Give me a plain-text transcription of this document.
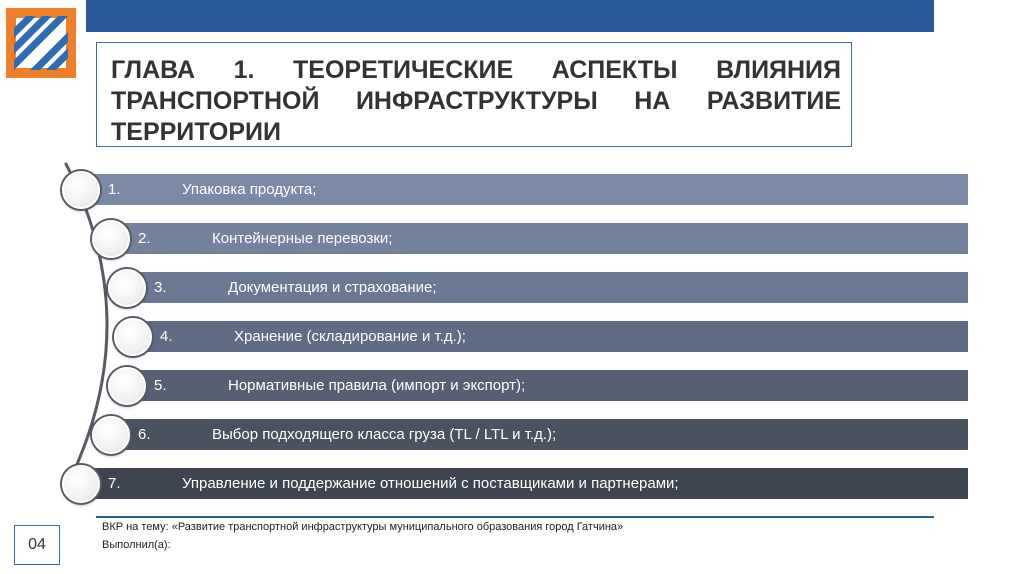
ГЛАВА 1. ТЕОРЕТИЧЕСКИЕ АСПЕКТЫ ВЛИЯНИЯ ТРАНСПОРТНОЙ ИНФРАСТРУКТУРЫ НА РАЗВИТИЕ ТЕРРИТОРИИ

1.	Упаковка продукта;
2.	Контейнерные перевозки;
3.	Документация и страхование;
4.	Хранение (складирование и т.д.);
5.	Нормативные правила (импорт и экспорт);
6.	Выбор подходящего класса груза (TL / LTL и т.д.);
7.	Управление и поддержание отношений с поставщиками и партнерами;
ВКР на тему: «Развитие транспортной инфраструктуры муниципального образования город Гатчина»
Выполнил(а):
04
